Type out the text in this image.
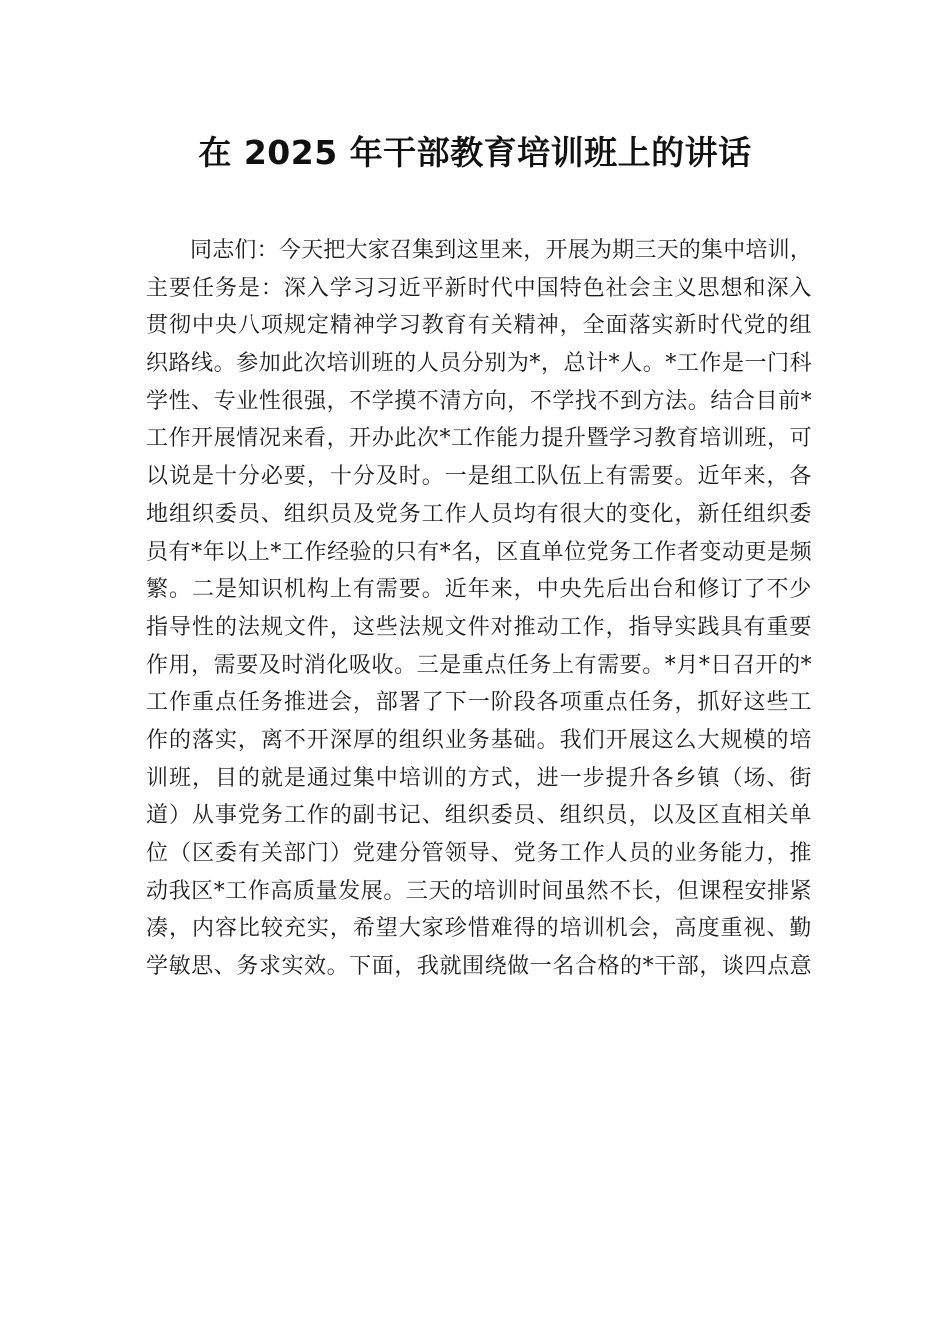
在 2025 年干部教育培训班上的讲话
同志们：今天把大家召集到这里来，开展为期三天的集中培训，
主要任务是：深入学习习近平新时代中国特色社会主义思想和深入
贯彻中央八项规定精神学习教育有关精神，全面落实新时代党的组
织路线。参加此次培训班的人员分别为*，总计*人。*工作是一门科
学性、专业性很强，不学摸不清方向，不学找不到方法。结合目前*
工作开展情况来看，开办此次*工作能力提升暨学习教育培训班，可
以说是十分必要，十分及时。一是组工队伍上有需要。近年来，各
地组织委员、组织员及党务工作人员均有很大的变化，新任组织委
员有*年以上*工作经验的只有*名，区直单位党务工作者变动更是频
繁。二是知识机构上有需要。近年来，中央先后出台和修订了不少
指导性的法规文件，这些法规文件对推动工作，指导实践具有重要
作用，需要及时消化吸收。三是重点任务上有需要。*月*日召开的*
工作重点任务推进会，部署了下一阶段各项重点任务，抓好这些工
作的落实，离不开深厚的组织业务基础。我们开展这么大规模的培
训班，目的就是通过集中培训的方式，进一步提升各乡镇（场、街
道）从事党务工作的副书记、组织委员、组织员，以及区直相关单
位（区委有关部门）党建分管领导、党务工作人员的业务能力，推
动我区*工作高质量发展。三天的培训时间虽然不长，但课程安排紧
凑，内容比较充实，希望大家珍惜难得的培训机会，高度重视、勤
学敏思、务求实效。下面，我就围绕做一名合格的*干部，谈四点意
